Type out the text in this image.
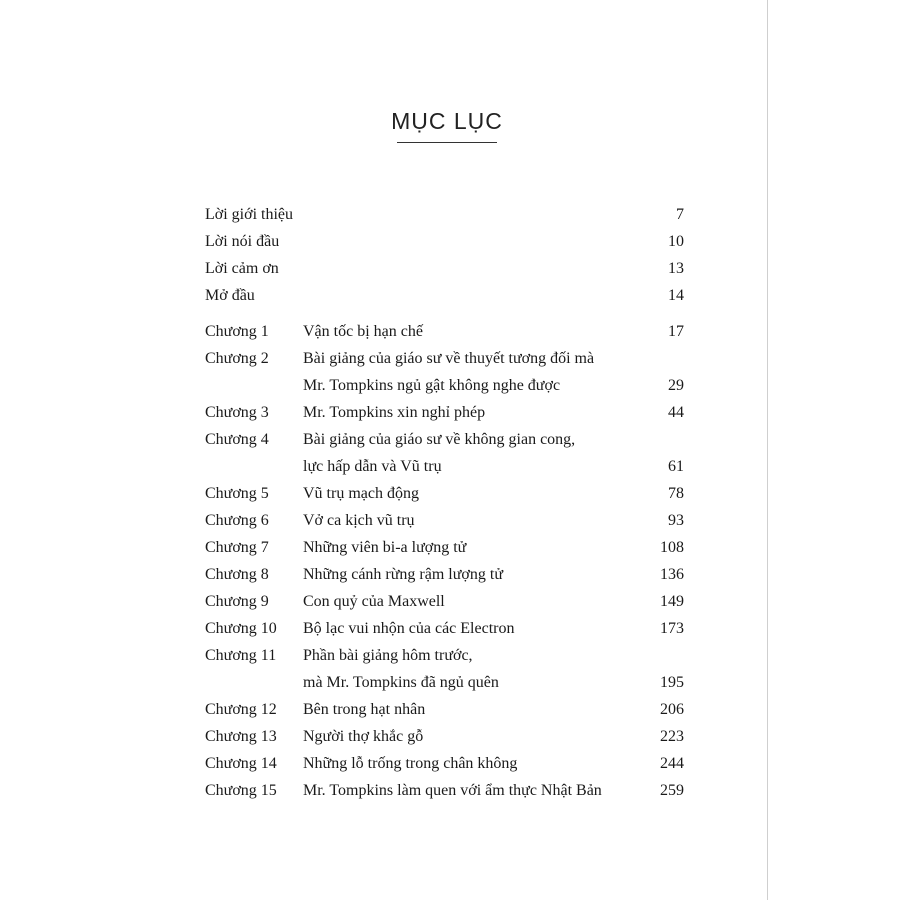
MỤC LỤC
Lời giới thiệu	7
Lời nói đầu	10
Lời cảm ơn	13
Mở đầu	14
Chương 1 Vận tốc bị hạn chế	17
Chương 2 Bài giảng của giáo sư về thuyết tương đối mà
Mr. Tompkins ngủ gật không nghe được	29
Chương 3 Mr. Tompkins xin nghỉ phép	44
Chương 4 Bài giảng của giáo sư về không gian cong,
lực hấp dẫn và Vũ trụ	61
Chương 5 Vũ trụ mạch động	78
Chương 6 Vở ca kịch vũ trụ	93
Chương 7 Những viên bi-a lượng tử	108
Chương 8 Những cánh rừng rậm lượng tử	136
Chương 9 Con quỷ của Maxwell	149
Chương 10 Bộ lạc vui nhộn của các Electron	173
Chương 11 Phần bài giảng hôm trước,
mà Mr. Tompkins đã ngủ quên	195
Chương 12 Bên trong hạt nhân	206
Chương 13 Người thợ khắc gỗ	223
Chương 14 Những lỗ trống trong chân không	244
Chương 15 Mr. Tompkins làm quen với ẩm thực Nhật Bản	259
